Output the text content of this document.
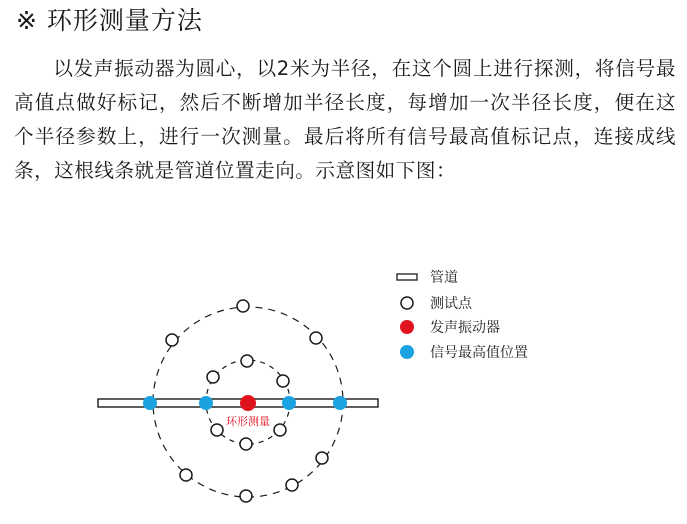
※ 环形测量方法
以发声振动器为圆心，以2米为半径，在这个圆上进行探测，将信号最高值点做好标记，然后不断增加半径长度，每增加一次半径长度，便在这个半径参数上，进行一次测量。最后将所有信号最高值标记点，连接成线条，这根线条就是管道位置走向。示意图如下图：
环形测量
管道
测试点
发声振动器
信号最高值位置
